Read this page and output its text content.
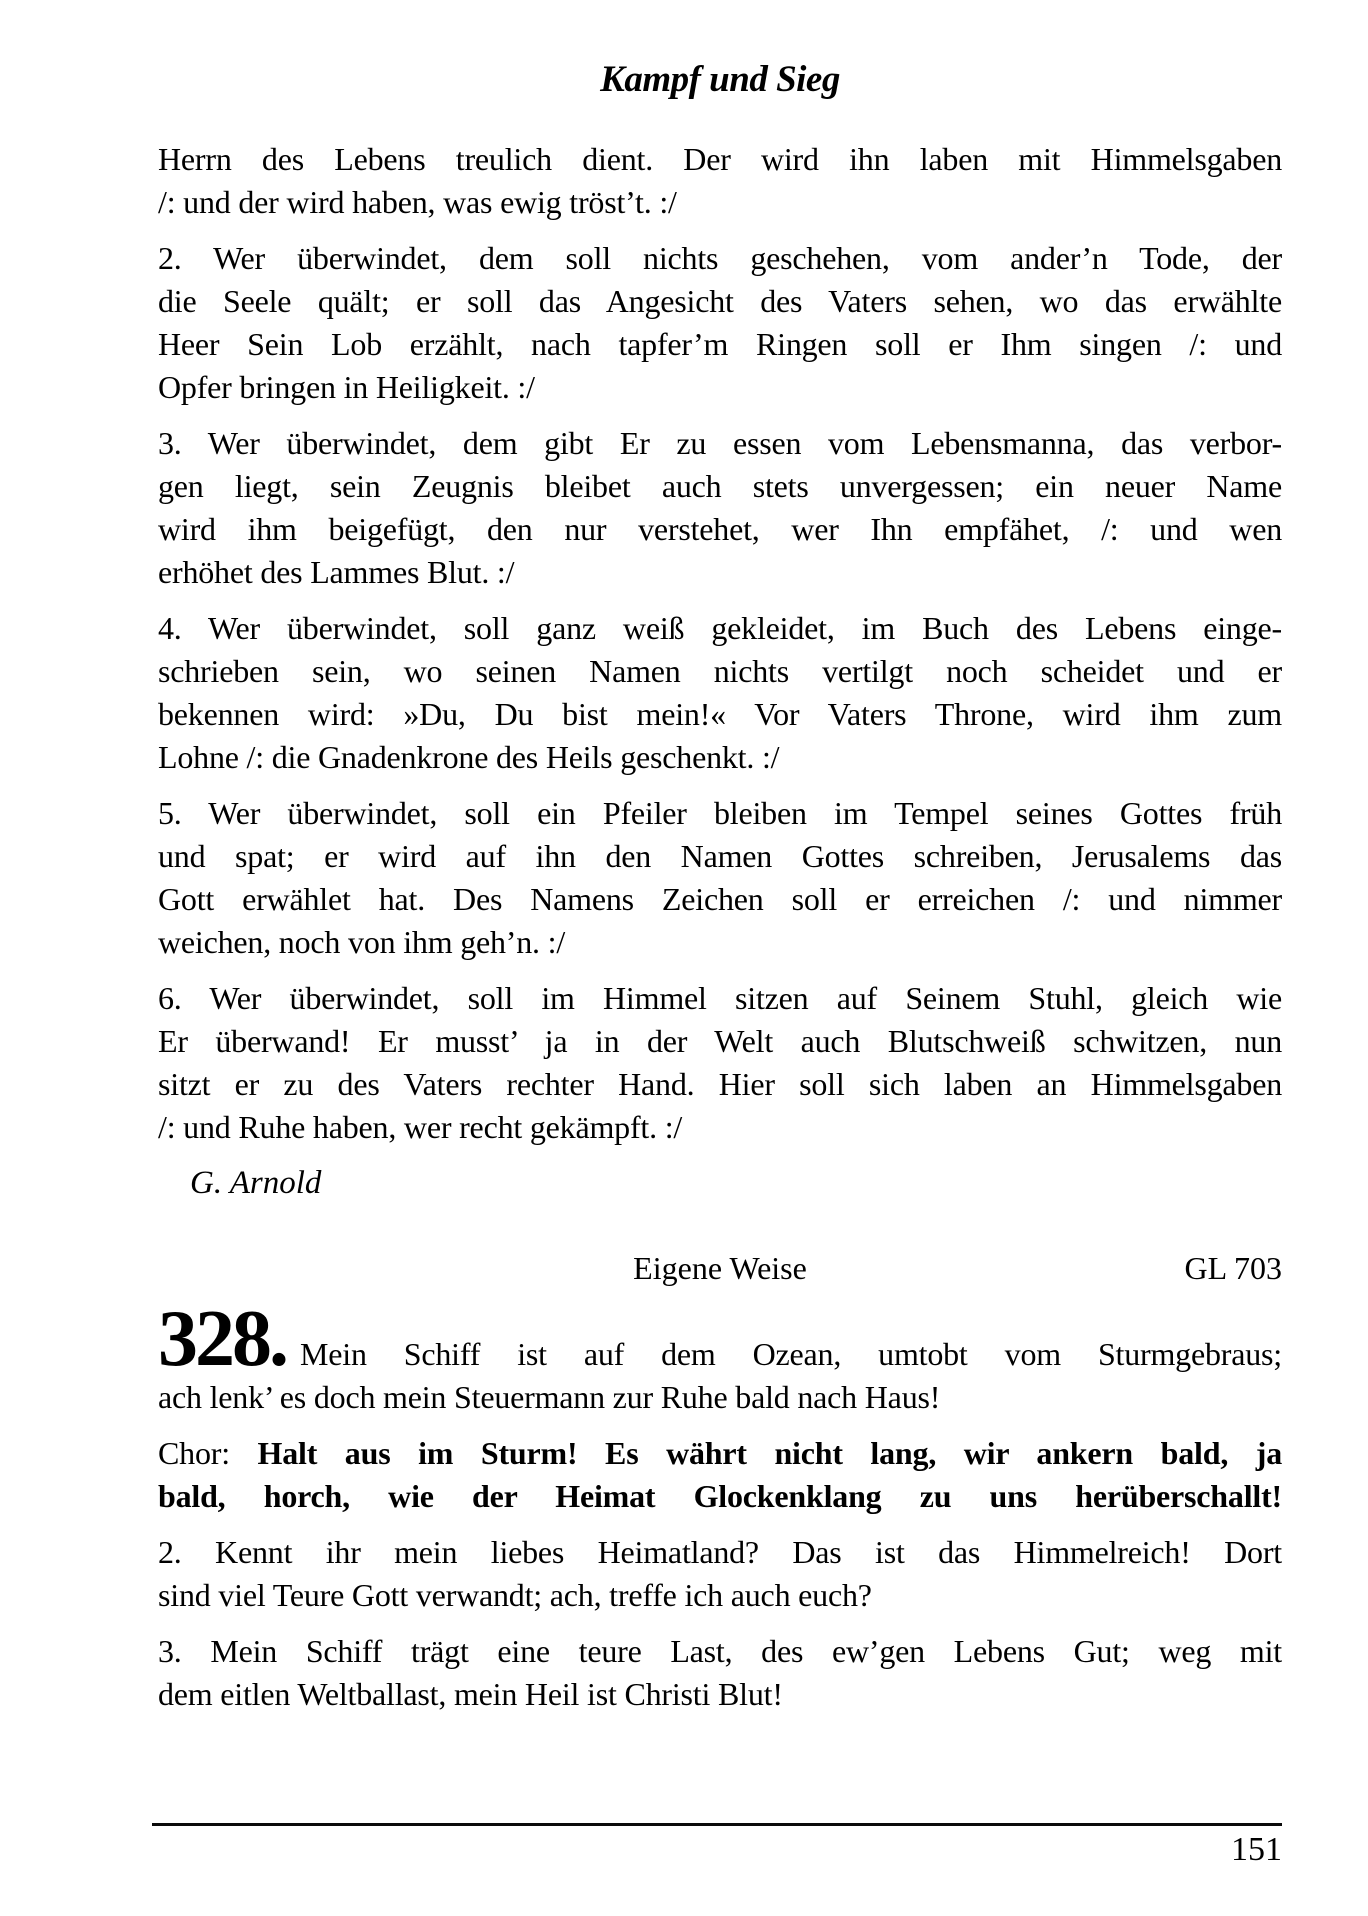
Kampf und Sieg
Herrn des Lebens treulich dient. Der wird ihn laben mit Himmelsgaben
/: und der wird haben, was ewig tröst’t. :/
2. Wer überwindet, dem soll nichts geschehen, vom ander’n Tode, der
die Seele quält; er soll das Angesicht des Vaters sehen, wo das erwählte
Heer Sein Lob erzählt, nach tapfer’m Ringen soll er Ihm singen /: und
Opfer bringen in Heiligkeit. :/
3. Wer überwindet, dem gibt Er zu essen vom Lebensmanna, das verbor-
gen liegt, sein Zeugnis bleibet auch stets unvergessen; ein neuer Name
wird ihm beigefügt, den nur verstehet, wer Ihn empfähet, /: und wen
erhöhet des Lammes Blut. :/
4. Wer überwindet, soll ganz weiß gekleidet, im Buch des Lebens einge-
schrieben sein, wo seinen Namen nichts vertilgt noch scheidet und er
bekennen wird: »Du, Du bist mein!« Vor Vaters Throne, wird ihm zum
Lohne /: die Gnadenkrone des Heils geschenkt. :/
5. Wer überwindet, soll ein Pfeiler bleiben im Tempel seines Gottes früh
und spat; er wird auf ihn den Namen Gottes schreiben, Jerusalems das
Gott erwählet hat. Des Namens Zeichen soll er erreichen /: und nimmer
weichen, noch von ihm geh’n. :/
6. Wer überwindet, soll im Himmel sitzen auf Seinem Stuhl, gleich wie
Er überwand! Er musst’ ja in der Welt auch Blutschweiß schwitzen, nun
sitzt er zu des Vaters rechter Hand. Hier soll sich laben an Himmelsgaben
/: und Ruhe haben, wer recht gekämpft. :/
G. Arnold
Eigene Weise	GL 703
328. Mein Schiff ist auf dem Ozean, umtobt vom Sturmgebraus;
ach lenk’ es doch mein Steuermann zur Ruhe bald nach Haus!
Chor: Halt aus im Sturm! Es währt nicht lang, wir ankern bald, ja
bald, horch, wie der Heimat Glockenklang zu uns herüberschallt!
2. Kennt ihr mein liebes Heimatland? Das ist das Himmelreich! Dort
sind viel Teure Gott verwandt; ach, treffe ich auch euch?
3. Mein Schiff trägt eine teure Last, des ew’gen Lebens Gut; weg mit
dem eitlen Weltballast, mein Heil ist Christi Blut!
151
